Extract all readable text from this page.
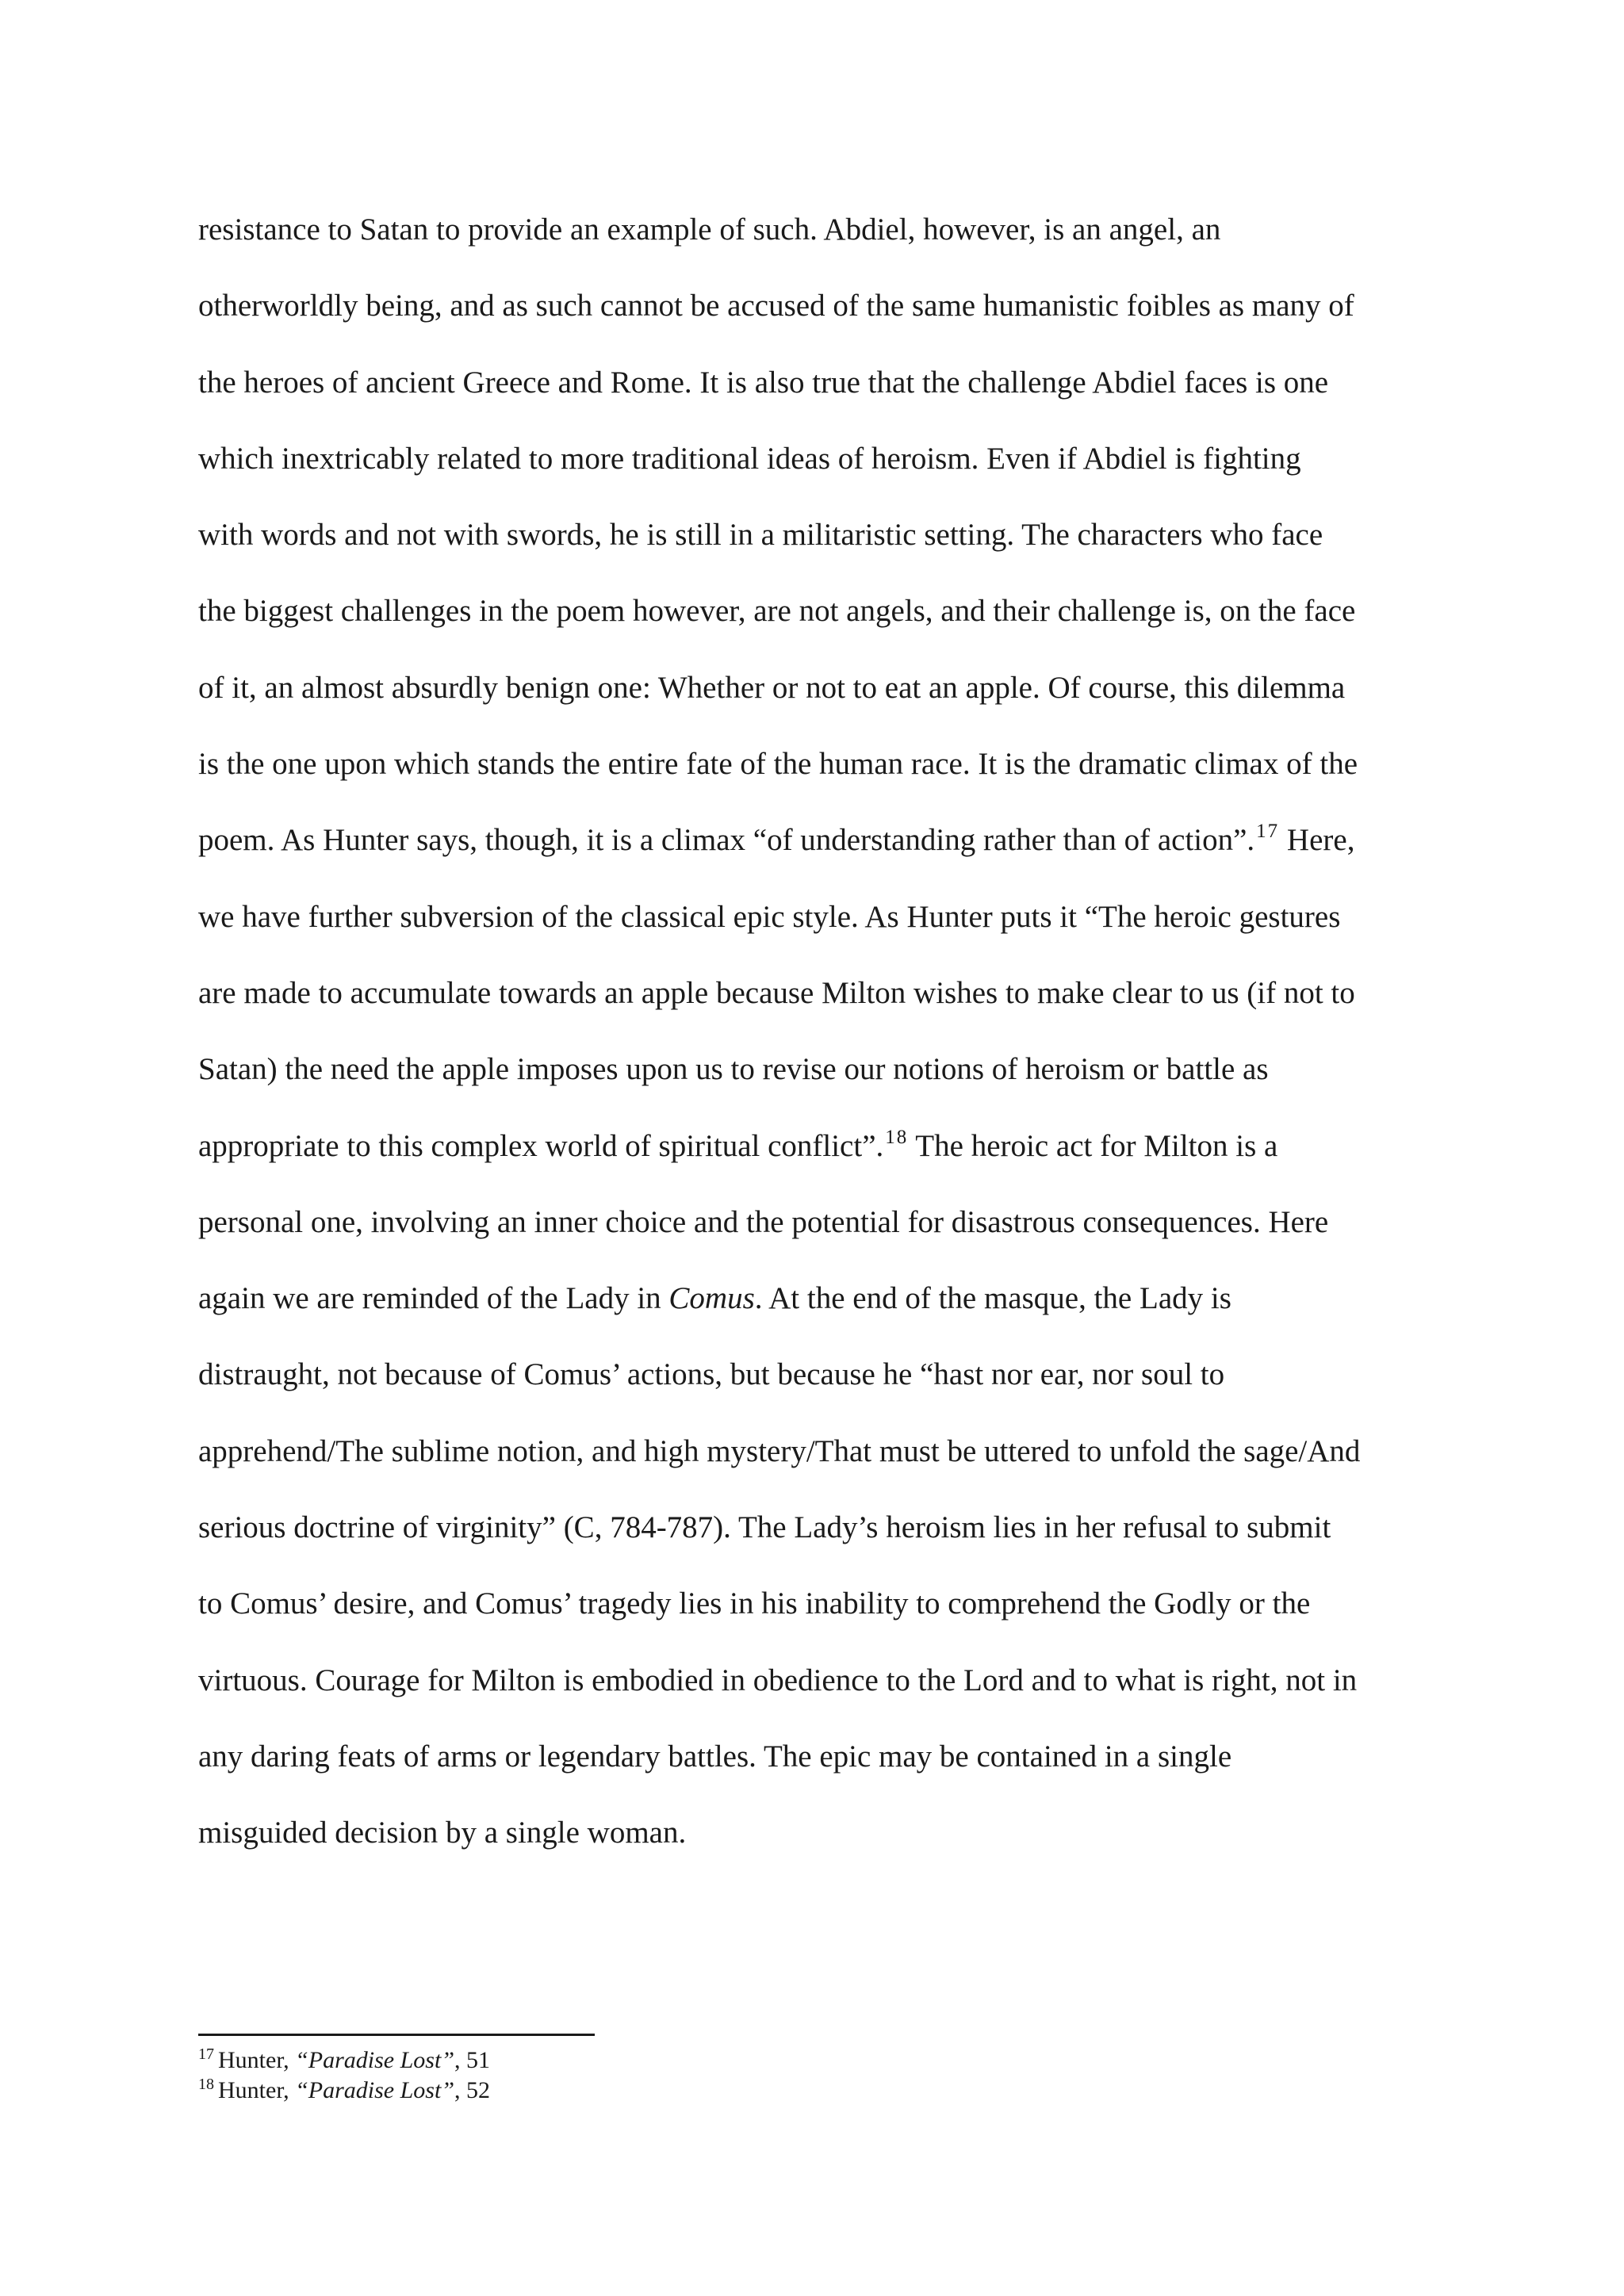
resistance to Satan to provide an example of such. Abdiel, however, is an angel, an
otherworldly being, and as such cannot be accused of the same humanistic foibles as many of
the heroes of ancient Greece and Rome. It is also true that the challenge Abdiel faces is one
which inextricably related to more traditional ideas of heroism. Even if Abdiel is fighting
with words and not with swords, he is still in a militaristic setting. The characters who face
the biggest challenges in the poem however, are not angels, and their challenge is, on the face
of it, an almost absurdly benign one: Whether or not to eat an apple. Of course, this dilemma
is the one upon which stands the entire fate of the human race. It is the dramatic climax of the
poem. As Hunter says, though, it is a climax “of understanding rather than of action”.$^{17}$ Here,
we have further subversion of the classical epic style. As Hunter puts it “The heroic gestures
are made to accumulate towards an apple because Milton wishes to make clear to us (if not to
Satan) the need the apple imposes upon us to revise our notions of heroism or battle as
appropriate to this complex world of spiritual conflict”.$^{18}$ The heroic act for Milton is a
personal one, involving an inner choice and the potential for disastrous consequences. Here
again we are reminded of the Lady in Comus. At the end of the masque, the Lady is
distraught, not because of Comus’ actions, but because he “hast nor ear, nor soul to
apprehend/The sublime notion, and high mystery/That must be uttered to unfold the sage/And
serious doctrine of virginity” (C, 784-787). The Lady’s heroism lies in her refusal to submit
to Comus’ desire, and Comus’ tragedy lies in his inability to comprehend the Godly or the
virtuous. Courage for Milton is embodied in obedience to the Lord and to what is right, not in
any daring feats of arms or legendary battles. The epic may be contained in a single
misguided decision by a single woman.
$^{17}$ Hunter, “Paradise Lost”, 51
$^{18}$ Hunter, “Paradise Lost”, 52
